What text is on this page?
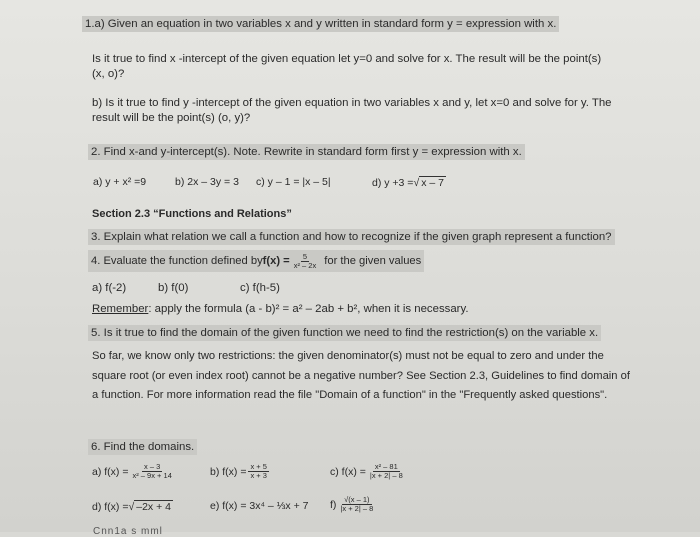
1.a) Given an equation in two variables x and y written in standard form y = expression with x.
Is it true to find x -intercept of the given equation let y=0 and solve for x. The result will be the point(s)
(x, o)?
b) Is it true to find y -intercept of the given equation in two variables x and y, let x=0 and solve for y. The
result will be the point(s) (o, y)?
2. Find x-and y-intercept(s). Note. Rewrite in standard form first y = expression with x.
a) y + x² =9	b) 2x – 3y = 3 c) y – 1 = |x – 5|	d) y +3 = √ x – 7
Section 2.3 “Functions and Relations”
3. Explain what relation we call a function and how to recognize if the given graph represent a function?
4. Evaluate the function defined by $f(x) = \frac{5}{\text{x² – 2x}}$ for the given values
a) f(-2)	b) f(0)	c) f(h-5)
Remember: apply the formula (a - b)² = a² – 2ab + b², when it is necessary.
5. Is it true to find the domain of the given function we need to find the restriction(s) on the variable x.
So far, we know only two restrictions: the given denominator(s) must not be equal to zero and under the square root (or even index root) cannot be a negative number? See Section 2.3, Guidelines to find domain of a function. For more information read the file "Domain of a function" in the "Frequently asked questions".
6. Find the domains.
a) $f(x) = \frac{x - 3}{\text{x² – 9x + 14}}$	b) $f(x) = \frac{x + 5}{x + 3}$	c) $f(x) = \frac{\text{x² – 81}}{|x + 2| - 8}$
d) f(x) = √ –2x + 4	e) f(x) = 3x⁴ – ⅓x + 7 $f) \frac{√(x - 1)}{|x + 2| - 8}$
Cnn1a s mml
